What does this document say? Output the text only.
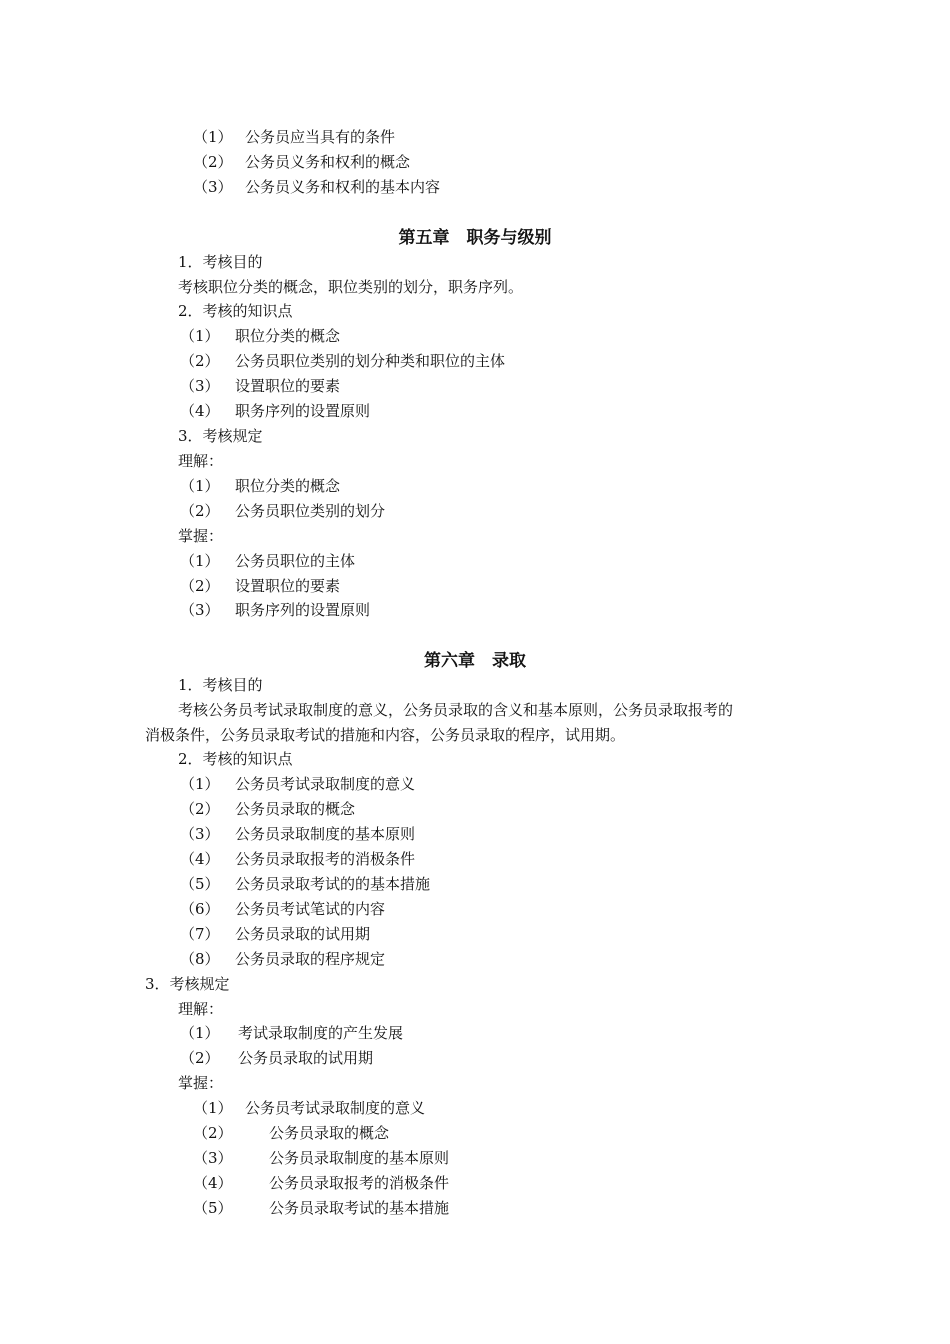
（1） 公务员应当具有的条件
（2） 公务员义务和权利的概念
（3） 公务员义务和权利的基本内容
第五章　职务与级别
1．考核目的
考核职位分类的概念，职位类别的划分，职务序列。
2．考核的知识点
（1） 职位分类的概念
（2） 公务员职位类别的划分种类和职位的主体
（3） 设置职位的要素
（4） 职务序列的设置原则
3．考核规定
理解：
（1） 职位分类的概念
（2） 公务员职位类别的划分
掌握：
（1） 公务员职位的主体
（2） 设置职位的要素
（3） 职务序列的设置原则
第六章　录取
1．考核目的
考核公务员考试录取制度的意义，公务员录取的含义和基本原则，公务员录取报考的
消极条件，公务员录取考试的措施和内容，公务员录取的程序，试用期。
2．考核的知识点
（1） 公务员考试录取制度的意义
（2） 公务员录取的概念
（3） 公务员录取制度的基本原则
（4） 公务员录取报考的消极条件
（5） 公务员录取考试的的基本措施
（6） 公务员考试笔试的内容
（7） 公务员录取的试用期
（8） 公务员录取的程序规定
3．考核规定
理解：
（1） 考试录取制度的产生发展
（2） 公务员录取的试用期
掌握：
（1） 公务员考试录取制度的意义
（2） 公务员录取的概念
（3） 公务员录取制度的基本原则
（4） 公务员录取报考的消极条件
（5） 公务员录取考试的基本措施
